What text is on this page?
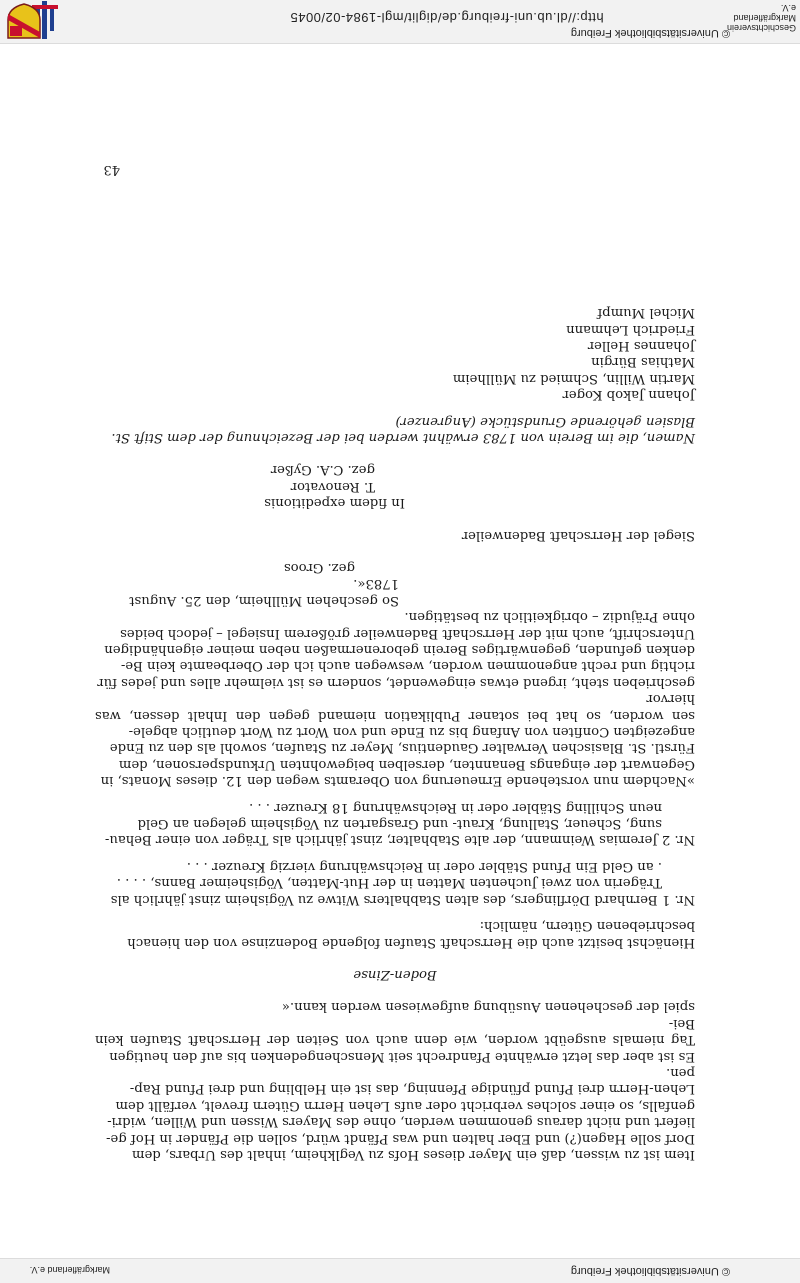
© Universitätsbibliothek Freiburg
http://dl.ub.uni-freiburg.de/diglit/mgl-1984-02/0045
Geschichtsverein
Markgräflerland e.V.
© Universitätsbibliothek Freiburg
Markgräflerland e.V.

Item ist zu wissen, daß ein Mayer dieses Hofs zu Veglkheim, inhalt des Urbars, dem
Dorf solle Hagen(?) und Eber halten und was Pfändt würd, sollen die Pfänder in Hof ge-
liefert und nicht daraus genommen werden, ohne des Mayers Wissen und Willen, widri-
genfalls, so einer solches verbricht oder aufs Lehen Herrn Gütern frevelt, verfällt dem
Lehen-Herrn drei Pfund pfündige Pfenning, das ist ein Helbling und drei Pfund Rap-
pen.
Es ist aber das letzt erwähnte Pfandrecht seit Menschengedenken bis auf den heutigen
Tag niemals ausgeübt worden, wie denn auch von Seiten der Herrschaft Staufen kein Bei-
spiel der geschehenen Ausübung aufgewiesen werden kann.«

Boden-Zinse

Hienächst besitzt auch die Herrschaft Staufen folgende Bodenzinse von den hienach
beschriebenen Gütern, nämlich:

Nr. 1 Bernhard Dörflingers, des alten Stabhalters Witwe zu Vögisheim zinst jährlich als
Trägerin von zwei Juchenten Matten in der Hut-Matten, Vögisheimer Banns, . . . .
. an Geld Ein Pfund Stäbler oder in Reichswährung vierzig Kreuzer . . .

Nr. 2 Jeremias Weinmann, der alte Stabhalter, zinst jährlich als Träger von einer Behau-
sung, Scheuer, Stallung, Kraut- und Grasgarten zu Vögisheim gelegen an Geld
neun Schilling Stäbler oder in Reichswährung 18 Kreuzer . . .

»Nachdem nun vorstehende Erneuerung von Oberamts wegen den 12. dieses Monats, in
Gegenwart der eingangs Benannten, derselben beigewohnten Urkundspersonen, dem
Fürstl. St. Blasischen Verwalter Gaudentius, Meyer zu Staufen, sowohl als den zu Ende
angezeigten Confiten von Anfang bis zu Ende und von Wort zu Wort deutlich abgele-
sen worden, so hat bei sotaner Publikation niemand gegen den Inhalt dessen, was hiervor
geschrieben steht, irgend etwas eingewendet, sondern es ist vielmehr alles und jedes für
richtig und recht angenommen worden, weswegen auch ich der Oberbeamte kein Be-
denken gefunden, gegenwärtiges Berein geborenermaßen neben meiner eigenhändigen
Unterschrift, auch mit der Herrschaft Badenweiler größerem Insiegel – jedoch beides
ohne Präjudiz – obrigkeitlich zu bestätigen.

So geschehen Müllheim, den 25. August 1783«.

gez. Groos

Siegel der Herrschaft Badenweiler

In fidem expeditionis

T. Renovator

gez. C.A. Gyßer

Namen, die im Berein von 1783 erwähnt werden bei der Bezeichnung der dem Stift St.
Blasien gehörende Grundstücke (Angrenzer)

Johann Jakob Koger
Martin Willin, Schmied zu Müllheim
Mathias Bürgin
Johannes Heller
Friedrich Lehmann
Michel Mumpf

43
